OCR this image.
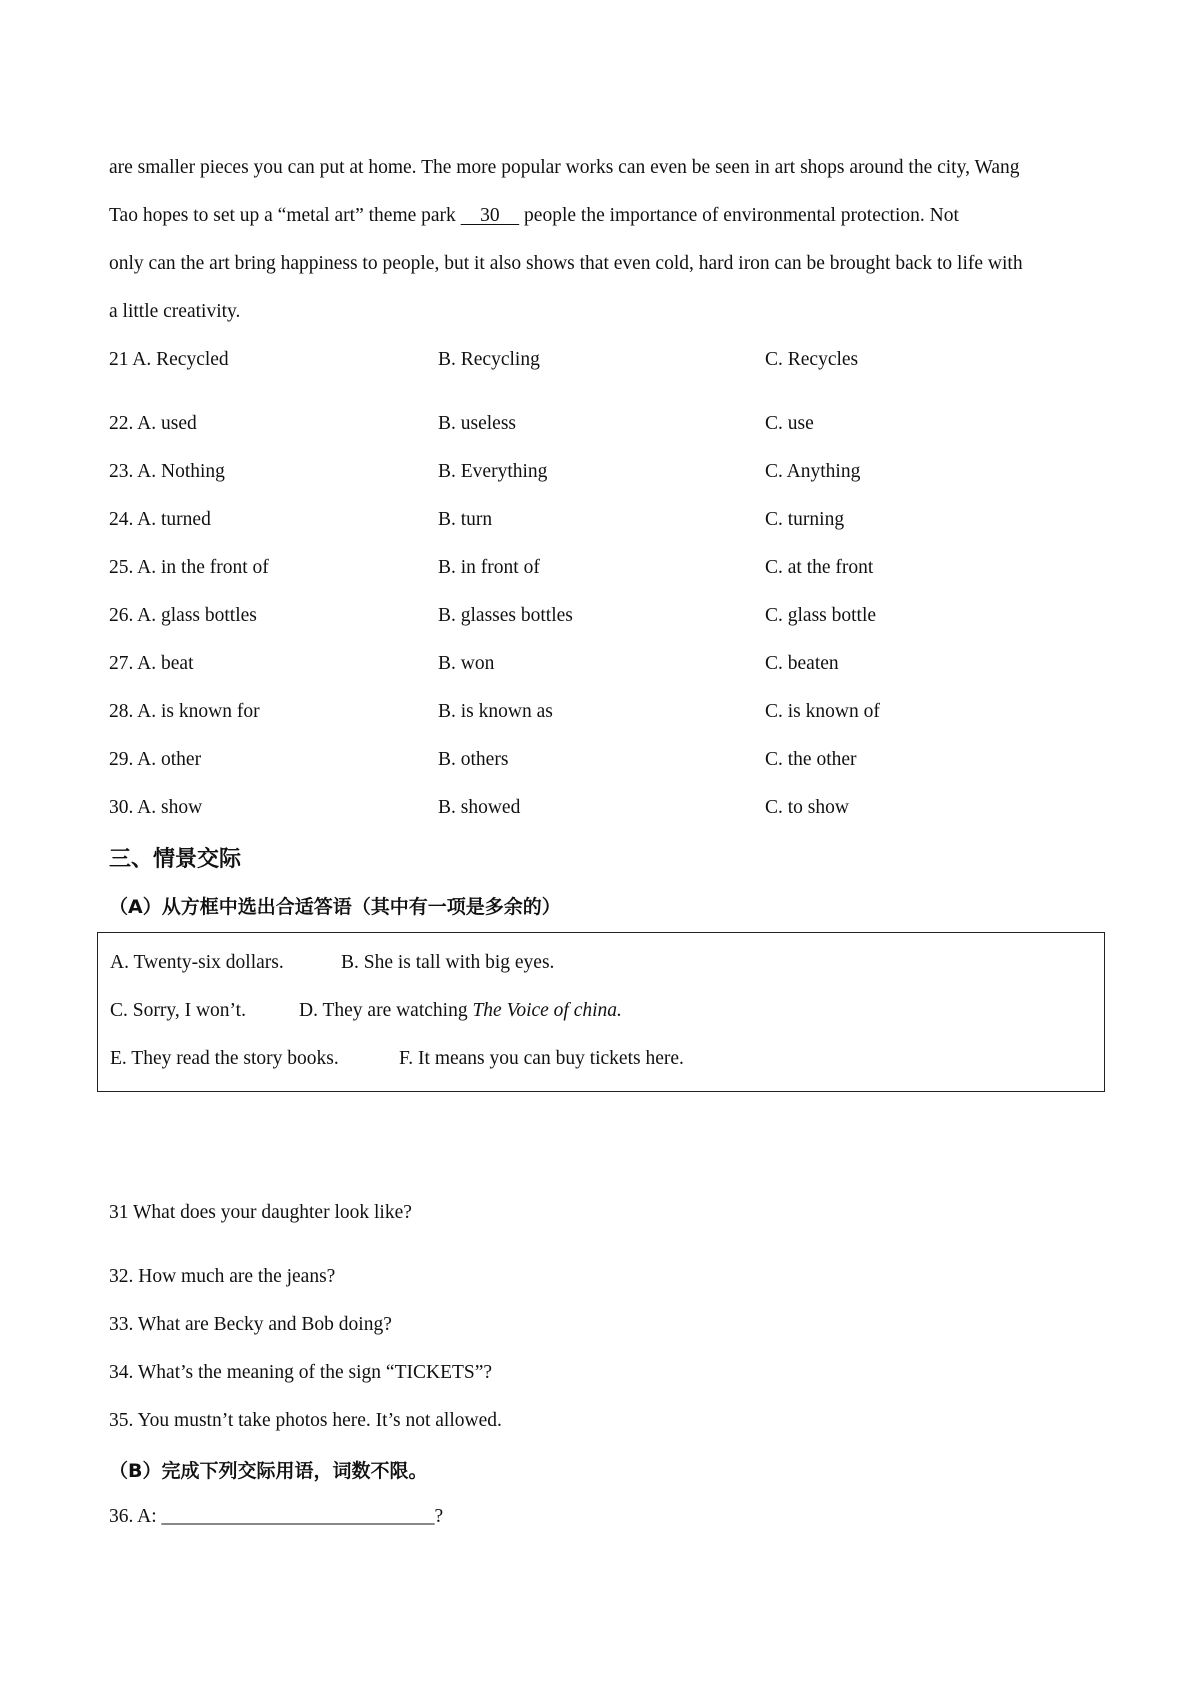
are smaller pieces you can put at home. The more popular works can even be seen in art shops around the city, Wang
Tao hopes to set up a “metal art” theme park     30     people the importance of environmental protection. Not
only can the art bring happiness to people, but it also shows that even cold, hard iron can be brought back to life with
a little creativity.
21 A. Recycled	B. Recycling	C. Recycles
22. A. used	B. useless	C. use
23. A. Nothing	B. Everything	C. Anything
24. A. turned	B. turn	C. turning
25. A. in the front of	B. in front of	C. at the front
26. A. glass bottles	B. glasses bottles	C. glass bottle
27. A. beat	B. won	C. beaten
28. A. is known for	B. is known as	C. is known of
29. A. other	B. others	C. the other
30. A. show	B. showed	C. to show
三、情景交际
（A）从方框中选出合适答语（其中有一项是多余的）
A. Twenty-six dollars.	B. She is tall with big eyes.
C. Sorry, I won’t.	D. They are watching The Voice of china.
E. They read the story books.	F. It means you can buy tickets here.
31 What does your daughter look like?
32. How much are the jeans?
33. What are Becky and Bob doing?
34. What’s the meaning of the sign “TICKETS”?
35. You mustn’t take photos here. It’s not allowed.
（B）完成下列交际用语，词数不限。
36. A: ____________________________?
